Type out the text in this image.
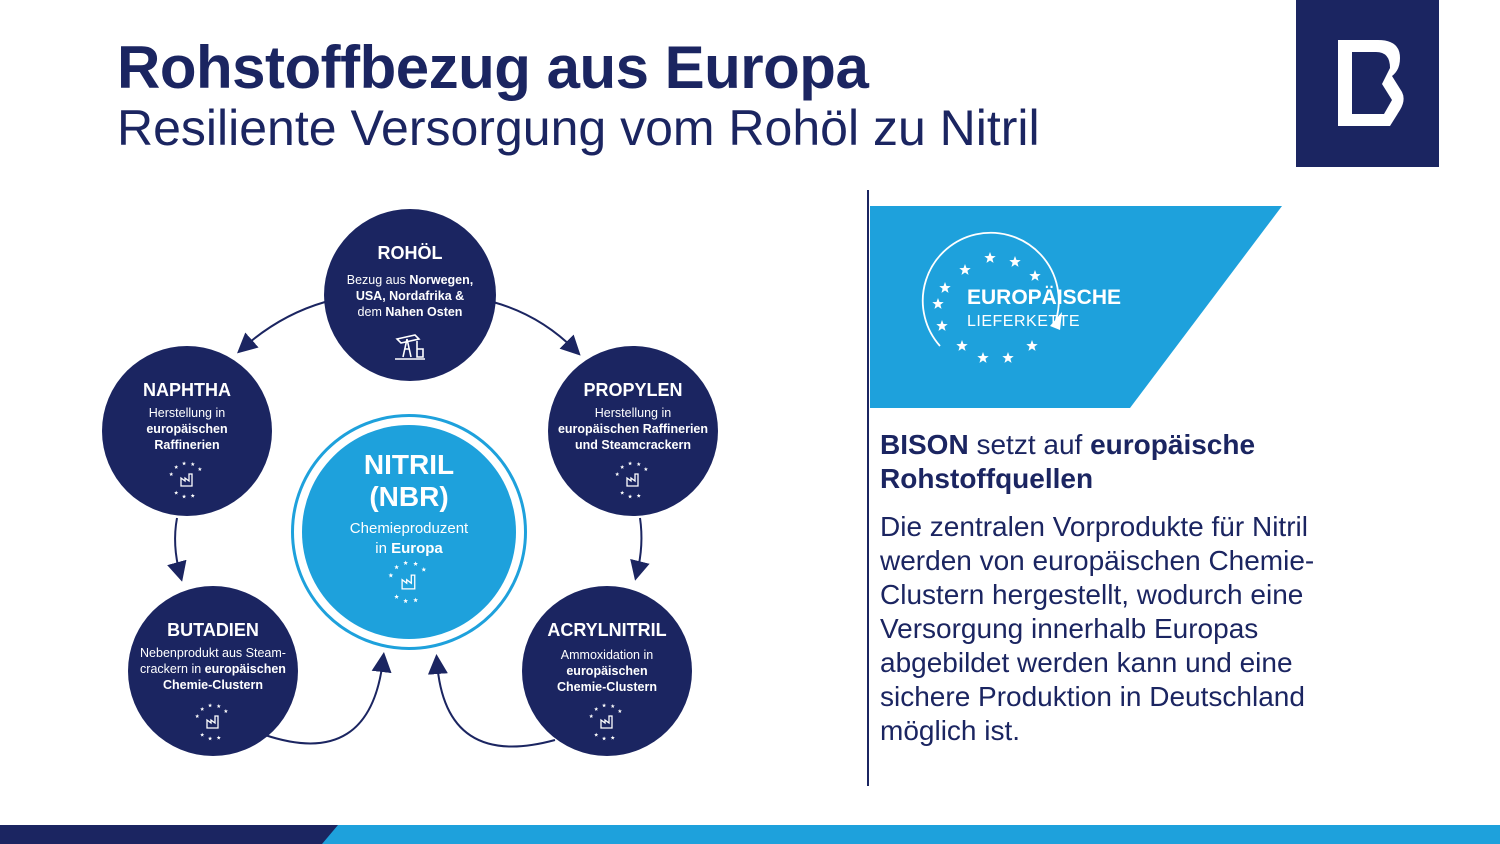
Rohstoffbezug aus Europa
Resiliente Versorgung vom Rohöl zu Nitril
ROHÖL
Bezug aus Norwegen,
USA, Nordafrika &
dem Nahen Osten
NAPHTHA
Herstellung in
europäischen
Raffinerien
PROPYLEN
Herstellung in
europäischen Raffinerien
und Steamcrackern
BUTADIEN
Nebenprodukt aus Steam-
crackern in europäischen
Chemie-Clustern
ACRYLNITRIL
Ammoxidation in
europäischen
Chemie-Clustern
NITRIL
(NBR)
Chemieproduzent
in Europa
EUROPÄISCHE
LIEFERKETTE
BISON setzt auf europäische Rohstoffquellen
Die zentralen Vorprodukte für Nitril werden von europäischen Chemie-Clustern hergestellt, wodurch eine Versorgung innerhalb Europas abgebildet werden kann und eine sichere Produktion in Deutschland möglich ist.
